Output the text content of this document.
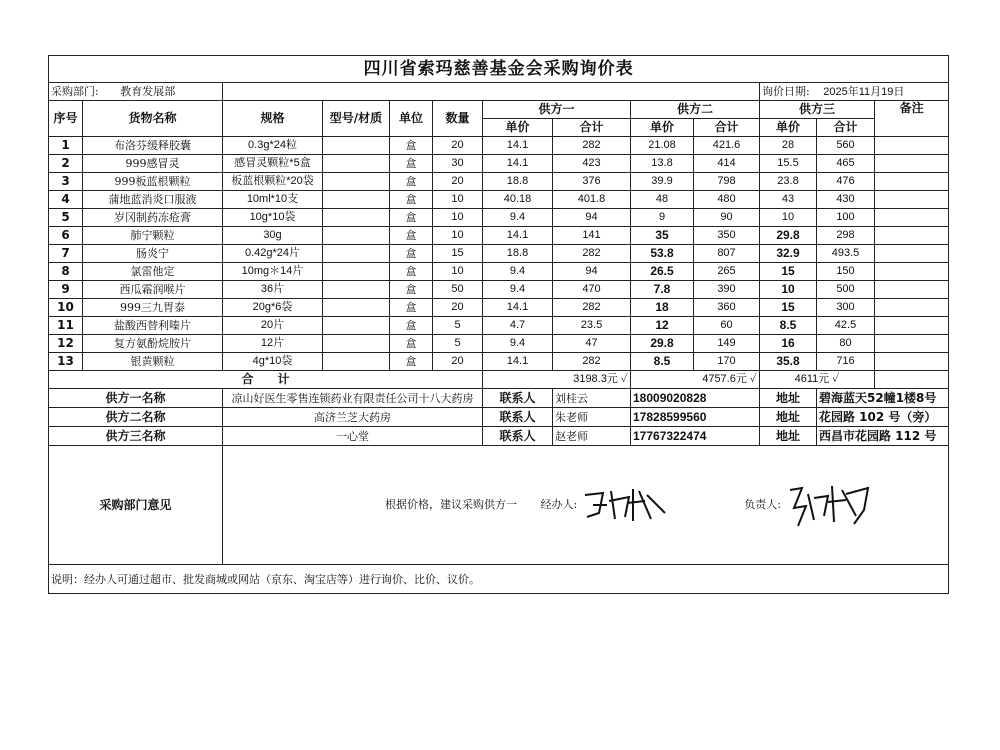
四川省索玛慈善基金会采购询价表												
采购部门: 教育发展部										询价日期: 2025年11月19日		
序号	货物名称	规格	型号/材质	单位	数量	供方一		供方二		供方三		备注
						单价	合计	单价	合计	单价	合计	
1	布洛芬缓释胶囊	0.3g*24粒		盒	20	14.1	282	21.08	421.6	28	560	
2	999感冒灵	感冒灵颗粒*5盒		盒	30	14.1	423	13.8	414	15.5	465	
3	999板蓝根颗粒	板蓝根颗粒*20袋		盒	20	18.8	376	39.9	798	23.8	476	
4	蒲地蓝消炎口服液	10ml*10支		盒	10	40.18	401.8	48	480	43	430	
5	岁冈制药冻疮膏	10g*10袋		盒	10	9.4	94	9	90	10	100	
6	肺宁颗粒	30g		盒	10	14.1	141	35	350	29.8	298	
7	肠炎宁	0.42g*24片		盒	15	18.8	282	53.8	807	32.9	493.5	
8	氯雷他定	10mg＊14片		盒	10	9.4	94	26.5	265	15	150	
9	西瓜霜润喉片	36片		盒	50	9.4	470	7.8	390	10	500	
10	999三九胃泰	20g*6袋		盒	20	14.1	282	18	360	15	300	
11	盐酸西替利嗪片	20片		盒	5	4.7	23.5	12	60	8.5	42.5	
12	复方氨酚烷胺片	12片		盒	5	9.4	47	29.8	149	16	80	
13	银黄颗粒	4g*10袋		盒	20	14.1	282	8.5	170	35.8	716	
合　　计						3198.3元 ✓		4757.6元 ✓		4611元 ✓		
供方一名称		凉山好医生零售连锁药业有限责任公司十八大药房				联系人	刘桂云	18009020828		地址	碧海蓝天52幢1楼8号	
供方二名称		高济兰芝大药房				联系人	朱老师	17828599560		地址	花园路 102 号（旁）	
供方三名称		一心堂				联系人	赵老师	17767322474		地址	西昌市花园路 112 号	
采购部门意见		根据价格，建议采购供方一 经办人: 负责人:										
说明：经办人可通过超市、批发商城或网站（京东、淘宝店等）进行询价、比价、议价。												
